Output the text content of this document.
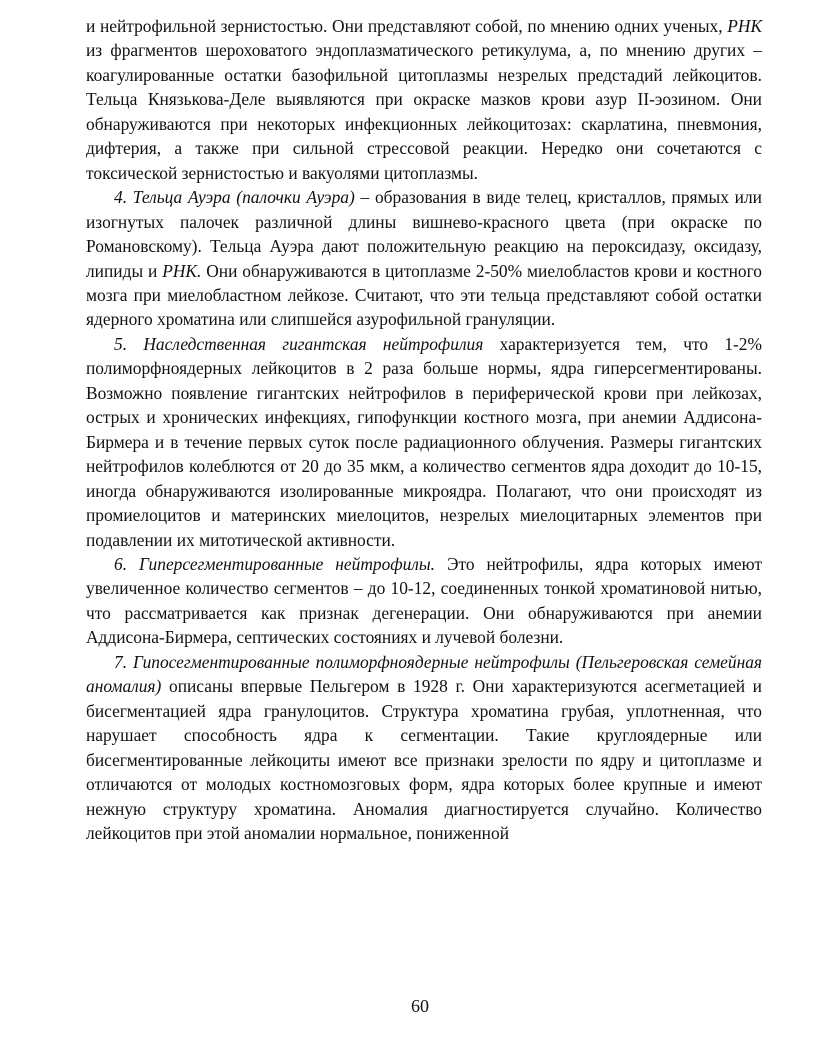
и нейтрофильной зернистостью. Они представляют собой, по мнению одних ученых, РНК из фрагментов шероховатого эндоплазматического ретикулума, а, по мнению других – коагулированные остатки базофильной цитоплазмы незрелых предстадий лейкоцитов. Тельца Князькова-Деле выявляются при окраске мазков крови азур II-эозином. Они обнаруживаются при некоторых инфекционных лейкоцитозах: скарлатина, пневмония, дифтерия, а также при сильной стрессовой реакции. Нередко они сочетаются с токсической зернистостью и вакуолями цитоплазмы.

4. Тельца Ауэра (палочки Ауэра) – образования в виде телец, кристаллов, прямых или изогнутых палочек различной длины вишнево-красного цвета (при окраске по Романовскому). Тельца Ауэра дают положительную реакцию на пероксидазу, оксидазу, липиды и РНК. Они обнаруживаются в цитоплазме 2-50% миелобластов крови и костного мозга при миелобластном лейкозе. Считают, что эти тельца представляют собой остатки ядерного хроматина или слипшейся азурофильной грануляции.

5. Наследственная гигантская нейтрофилия характеризуется тем, что 1-2% полиморфноядерных лейкоцитов в 2 раза больше нормы, ядра гиперсегментированы. Возможно появление гигантских нейтрофилов в периферической крови при лейкозах, острых и хронических инфекциях, гипофункции костного мозга, при анемии Аддисона-Бирмера и в течение первых суток после радиационного облучения. Размеры гигантских нейтрофилов колеблются от 20 до 35 мкм, а количество сегментов ядра доходит до 10-15, иногда обнаруживаются изолированные микроядра. Полагают, что они происходят из промиелоцитов и материнских миелоцитов, незрелых миелоцитарных элементов при подавлении их митотической активности.

6. Гиперсегментированные нейтрофилы. Это нейтрофилы, ядра которых имеют увеличенное количество сегментов – до 10-12, соединенных тонкой хроматиновой нитью, что рассматривается как признак дегенерации. Они обнаруживаются при анемии Аддисона-Бирмера, септических состояниях и лучевой болезни.

7. Гипосегментированные полиморфноядерные нейтрофилы (Пельгеровская семейная аномалия) описаны впервые Пельгером в 1928 г. Они характеризуются асегметацией и бисегментацией ядра гранулоцитов. Структура хроматина грубая, уплотненная, что нарушает способность ядра к сегментации. Такие круглоядерные или бисегментированные лейкоциты имеют все признаки зрелости по ядру и цитоплазме и отличаются от молодых костномозговых форм, ядра которых более крупные и имеют нежную структуру хроматина. Аномалия диагностируется случайно. Количество лейкоцитов при этой аномалии нормальное, пониженной

60
